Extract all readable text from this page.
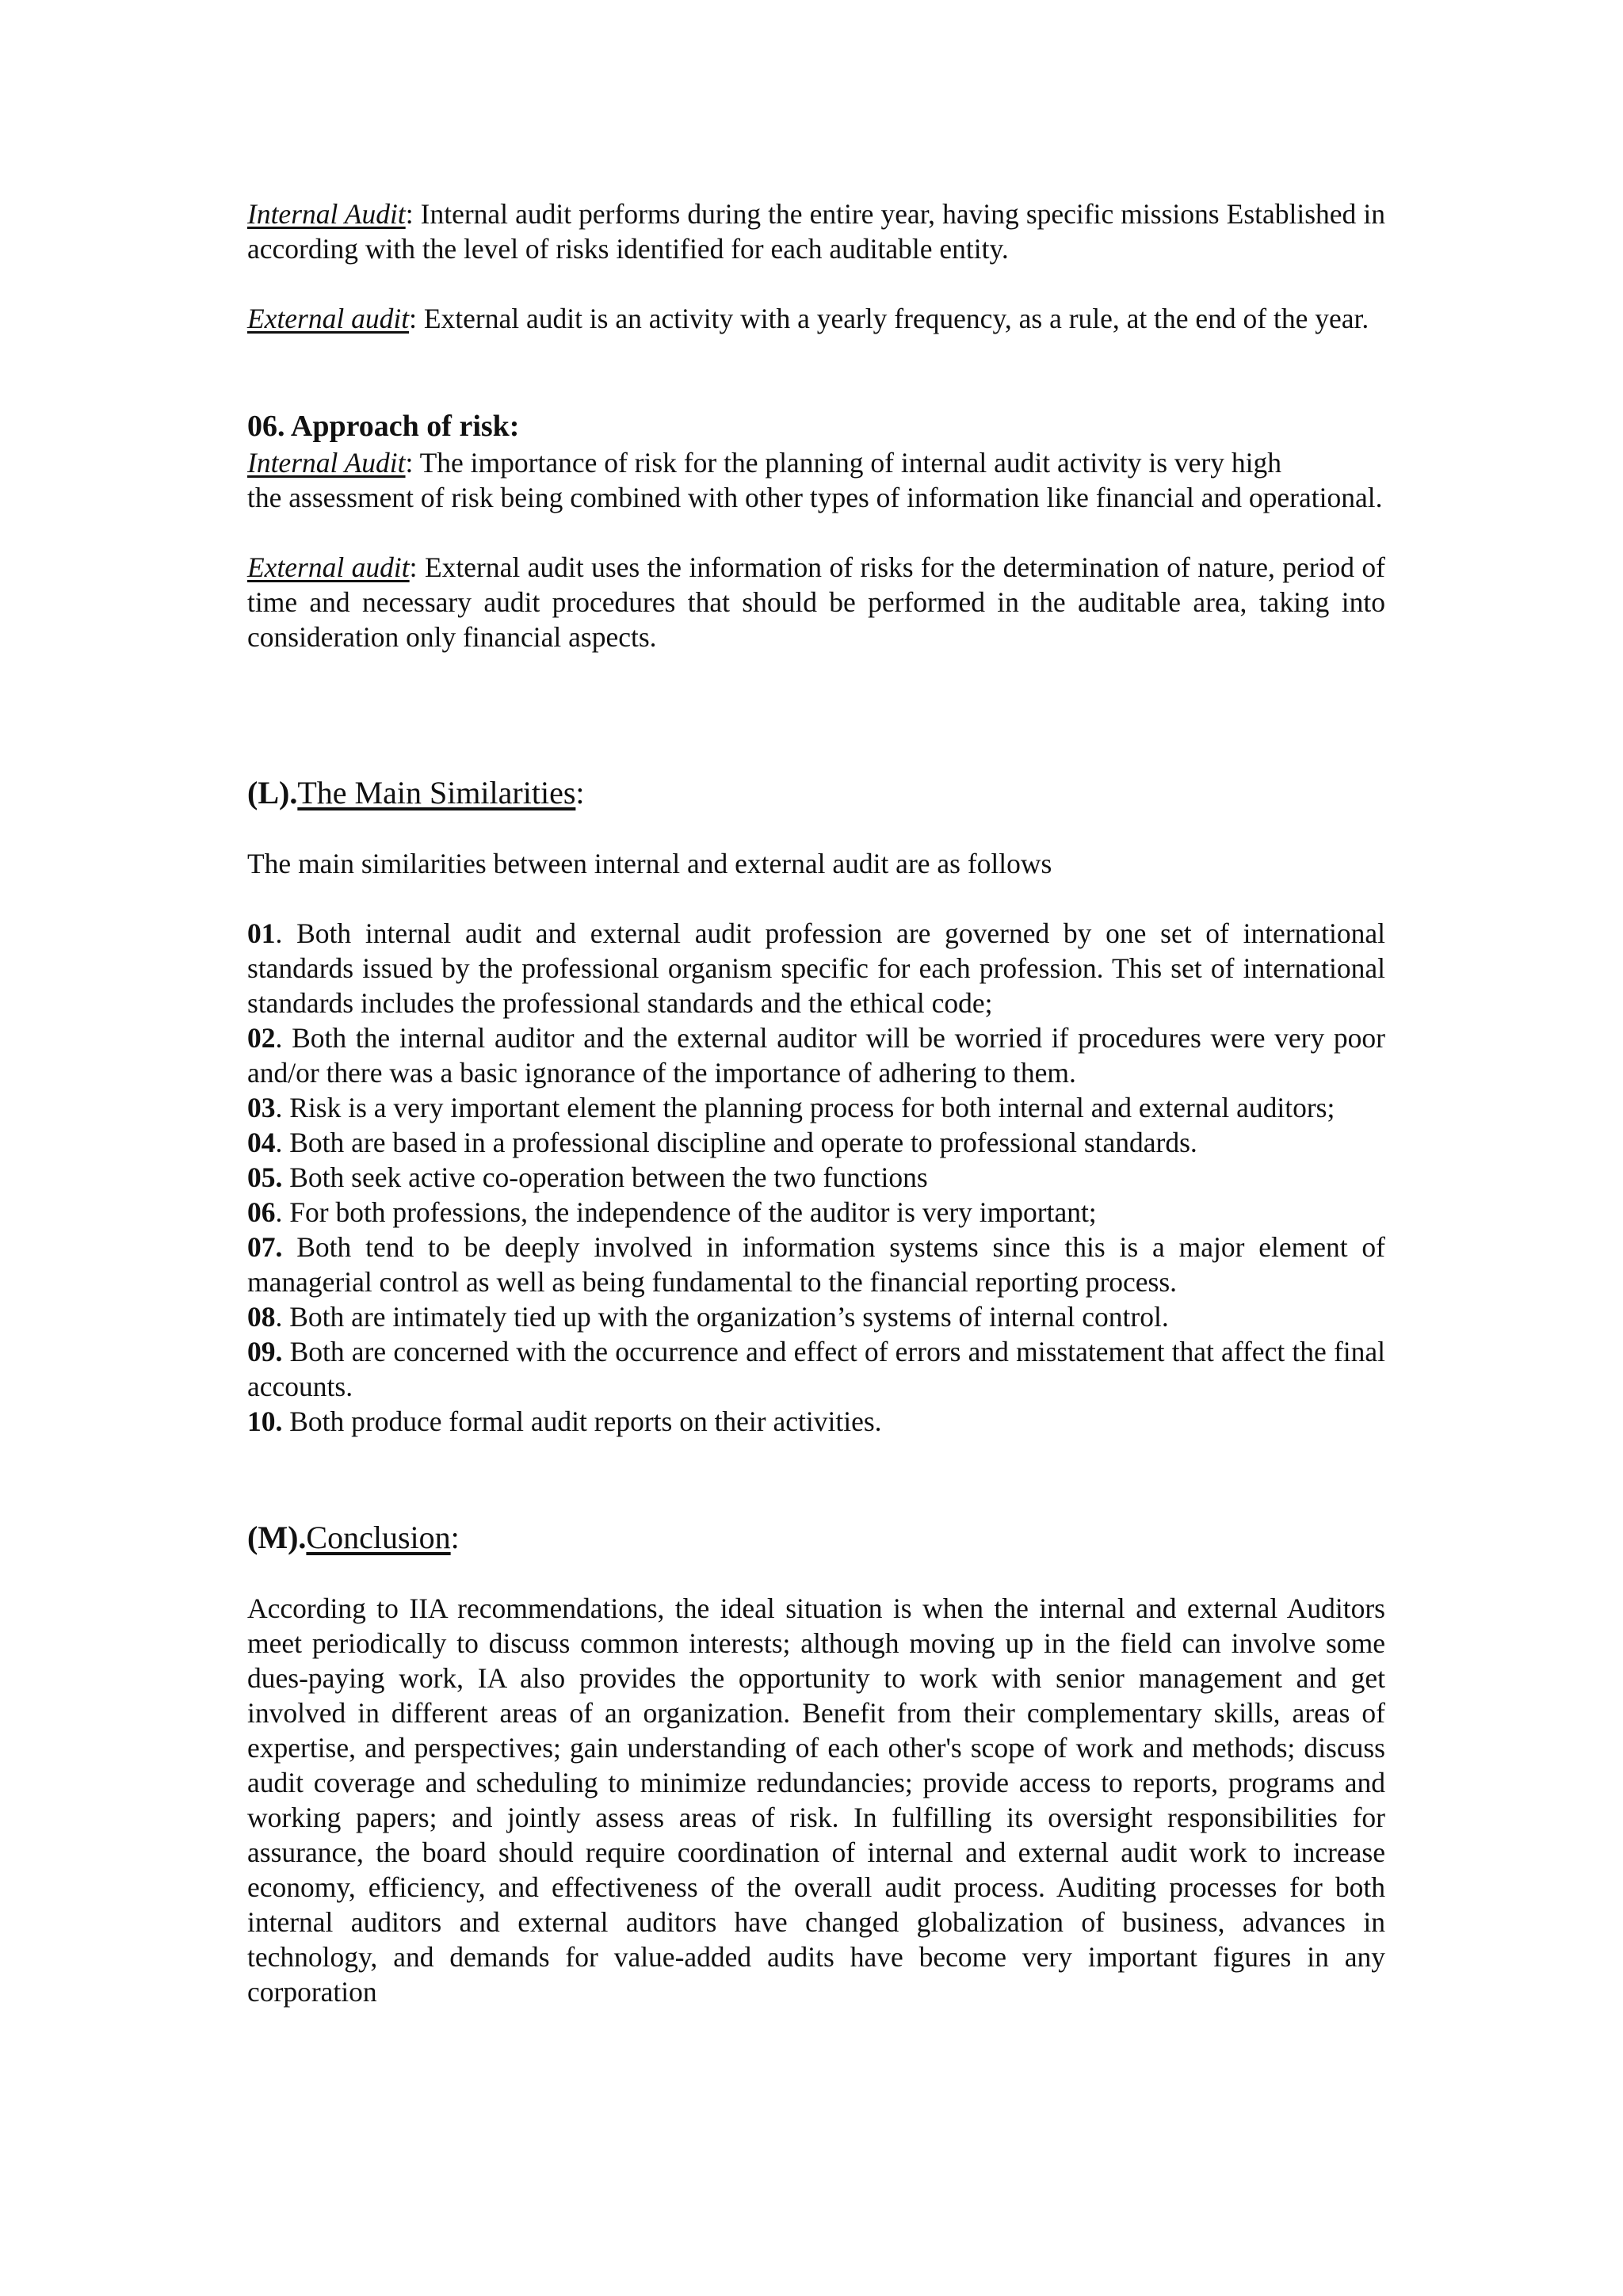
Internal Audit: Internal audit performs during the entire year, having specific missions Established in according with the level of risks identified for each auditable entity.

External audit: External audit is an activity with a yearly frequency, as a rule, at the end of the year.

06. Approach of risk:

Internal Audit: The importance of risk for the planning of internal audit activity is very high
the assessment of risk being combined with other types of information like financial and operational.

External audit: External audit uses the information of risks for the determination of nature, period of time and necessary audit procedures that should be performed in the auditable area, taking into consideration only financial aspects.

(L).The Main Similarities:

The main similarities between internal and external audit are as follows

01. Both internal audit and external audit profession are governed by one set of international standards issued by the professional organism specific for each profession. This set of international standards includes the professional standards and the ethical code;

02. Both the internal auditor and the external auditor will be worried if procedures were very poor and/or there was a basic ignorance of the importance of adhering to them.

03. Risk is a very important element the planning process for both internal and external auditors;

04. Both are based in a professional discipline and operate to professional standards.

05. Both seek active co-operation between the two functions

06. For both professions, the independence of the auditor is very important;

07. Both tend to be deeply involved in information systems since this is a major element of managerial control as well as being fundamental to the financial reporting process.

08. Both are intimately tied up with the organization’s systems of internal control.

09. Both are concerned with the occurrence and effect of errors and misstatement that affect the final accounts.

10. Both produce formal audit reports on their activities.

(M).Conclusion:

According to IIA recommendations, the ideal situation is when the internal and external Auditors meet periodically to discuss common interests; although moving up in the field can involve some dues-paying work, IA also provides the opportunity to work with senior management and get involved in different areas of an organization. Benefit from their complementary skills, areas of expertise, and perspectives; gain understanding of each other's scope of work and methods; discuss audit coverage and scheduling to minimize redundancies; provide access to reports, programs and working papers; and jointly assess areas of risk. In fulfilling its oversight responsibilities for assurance, the board should require coordination of internal and external audit work to increase economy, efficiency, and effectiveness of the overall audit process. Auditing processes for both internal auditors and external auditors have changed globalization of business, advances in technology, and demands for value-added audits have become very important figures in any corporation
